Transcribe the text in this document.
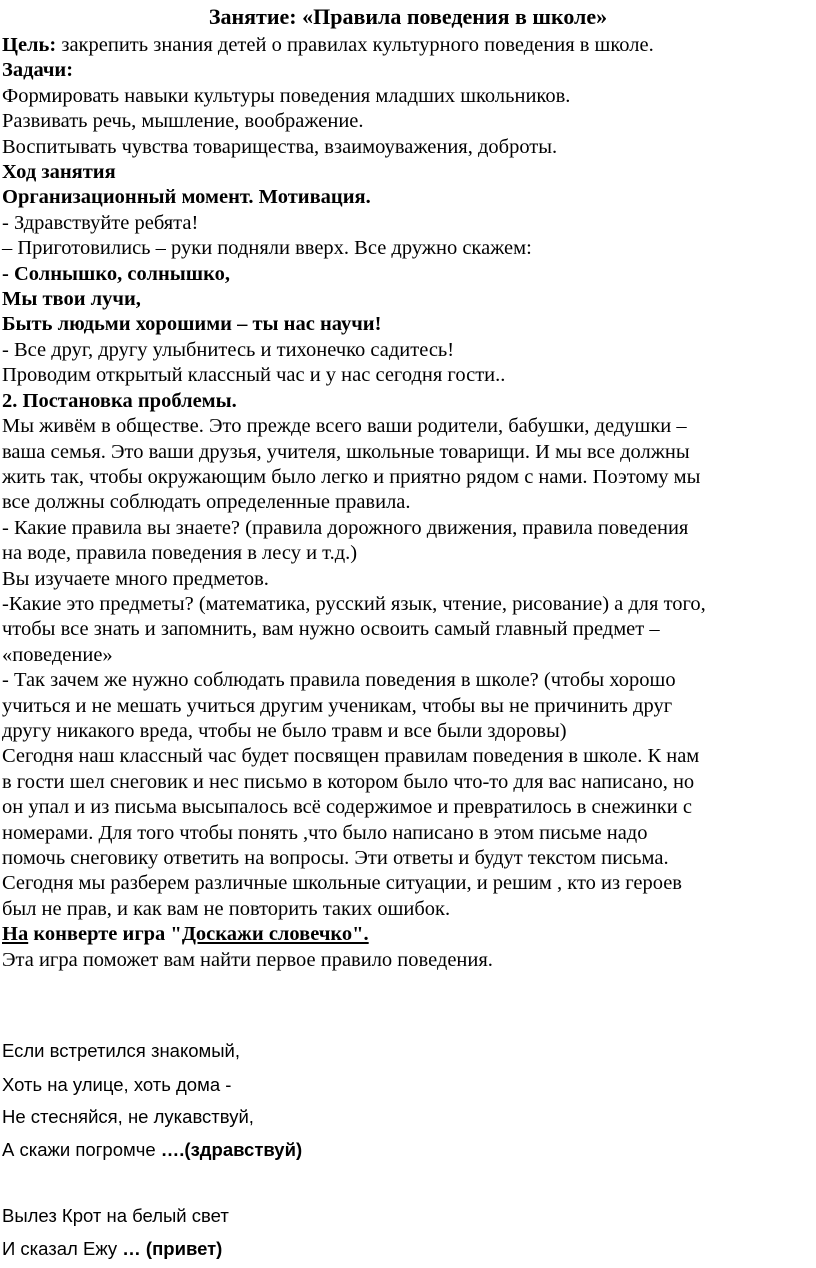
Занятие: «Правила поведения в школе»
Цель: закрепить знания детей о правилах культурного поведения в школе.
Задачи:
Формировать навыки культуры поведения младших школьников.
Развивать речь, мышление, воображение.
Воспитывать чувства товарищества, взаимоуважения, доброты.
Ход занятия
Организационный момент. Мотивация.
- Здравствуйте ребята!
– Приготовились – руки подняли вверх. Все дружно скажем:
- Солнышко, солнышко,
Мы твои лучи,
Быть людьми хорошими – ты нас научи!
- Все друг, другу улыбнитесь и тихонечко садитесь!
Проводим открытый классный час и у нас сегодня гости..
2. Постановка проблемы.
Мы живём в обществе. Это прежде всего ваши родители, бабушки, дедушки –
ваша семья. Это ваши друзья, учителя, школьные товарищи. И мы все должны
жить так, чтобы окружающим было легко и приятно рядом с нами. Поэтому мы
все должны соблюдать определенные правила.
- Какие правила вы знаете? (правила дорожного движения, правила поведения
на воде, правила поведения в лесу и т.д.)
Вы изучаете много предметов.
-Какие это предметы? (математика, русский язык, чтение, рисование) а для того,
чтобы все знать и запомнить, вам нужно освоить самый главный предмет –
«поведение»
- Так зачем же нужно соблюдать правила поведения в школе? (чтобы хорошо
учиться и не мешать учиться другим ученикам, чтобы вы не причинить друг
другу никакого вреда, чтобы не было травм и все были здоровы)
Сегодня наш классный час будет посвящен правилам поведения в школе. К нам
в гости шел снеговик и нес письмо в котором было что-то для вас написано, но
он упал и из письма высыпалось всё содержимое и превратилось в снежинки с
номерами. Для того чтобы понять ,что было написано в этом письме надо
помочь снеговику ответить на вопросы. Эти ответы и будут текстом письма.
Сегодня мы разберем различные школьные ситуации, и решим , кто из героев
был не прав, и как вам не повторить таких ошибок.
На конверте игра "Доскажи словечко".
Эта игра поможет вам найти первое правило поведения.
Если встретился знакомый,
Хоть на улице, хоть дома -
Не стесняйся, не лукавствуй,
А скажи погромче ….(здравствуй)
Вылез Крот на белый свет
И сказал Ежу … (привет)
